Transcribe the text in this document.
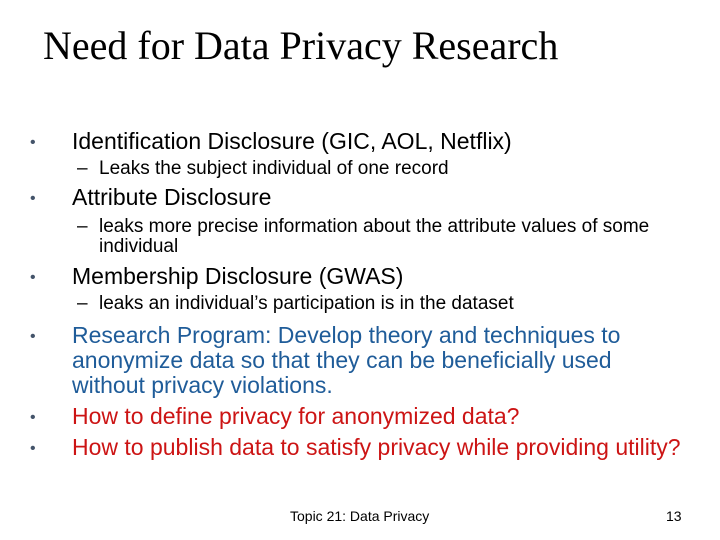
Need for Data Privacy Research
•	Identification Disclosure (GIC, AOL, Netflix)
– Leaks the subject individual of one record
•	Attribute Disclosure
– leaks more precise information about the attribute values of some individual
•	Membership Disclosure (GWAS)
– leaks an individual’s participation is in the dataset
•	Research Program: Develop theory and techniques to anonymize data so that they can be beneficially used without privacy violations.
•	How to define privacy for anonymized data?
•	How to publish data to satisfy privacy while providing utility?
Topic 21: Data Privacy	13
